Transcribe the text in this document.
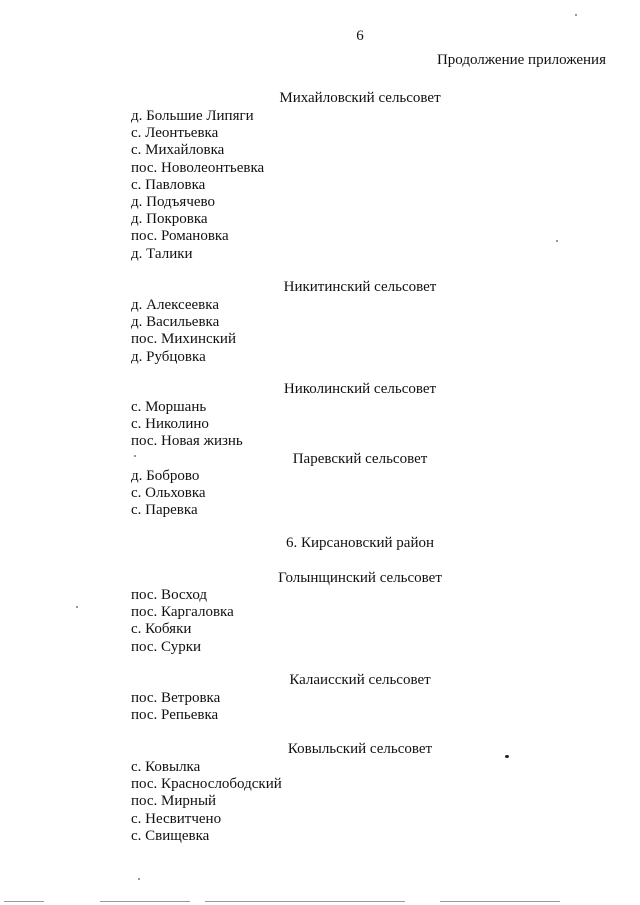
6
Продолжение приложения
Михайловский сельсовет
д. Большие Липяги
с. Леонтьевка
с. Михайловка
пос. Новолеонтьевка
с. Павловка
д. Подъячево
д. Покровка
пос. Романовка
д. Талики
Никитинский сельсовет
д. Алексеевка
д. Васильевка
пос. Михинский
д. Рубцовка
Николинский сельсовет
с. Моршань
с. Николино
пос. Новая жизнь
Паревский сельсовет
д. Боброво
с. Ольховка
с. Паревка
6. Кирсановский район
Голынщинский сельсовет
пос. Восход
пос. Каргаловка
с. Кобяки
пос. Сурки
Калаисский сельсовет
пос. Ветровка
пос. Репьевка
Ковыльский сельсовет
с. Ковылка
пос. Краснослободский
пос. Мирный
с. Несвитчено
с. Свищевка
